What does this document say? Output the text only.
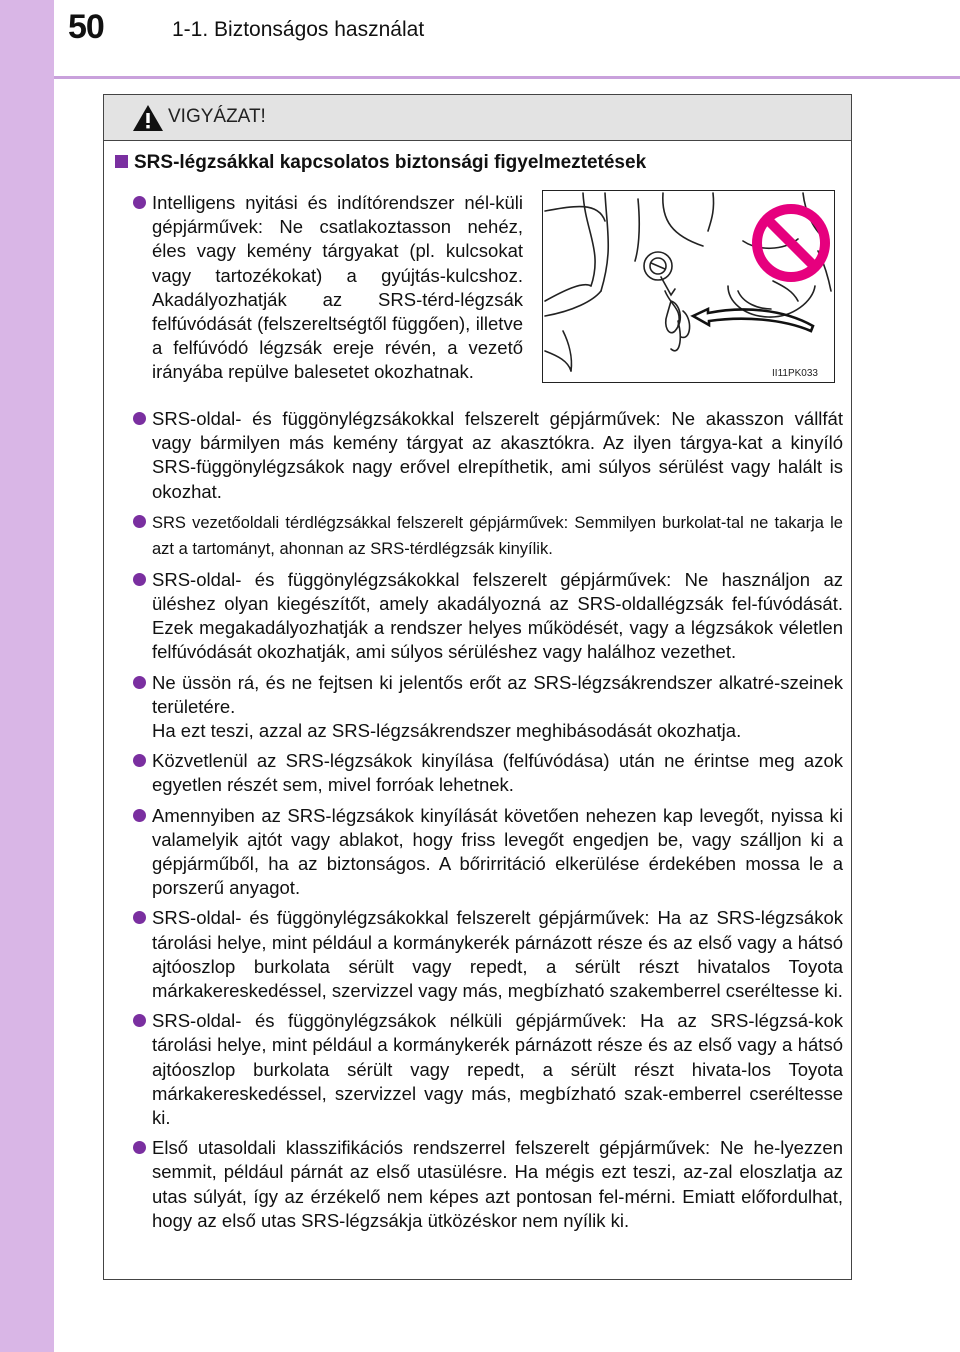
50	1-1. Biztonságos használat
VIGYÁZAT!
SRS-légzsákkal kapcsolatos biztonsági figyelmeztetések
Intelligens nyitási és indítórendszer nél-küli gépjárművek: Ne csatlakoztasson nehéz, éles vagy kemény tárgyakat (pl. kulcsokat vagy tartozékokat) a gyújtás-kulcshoz. Akadályozhatják az SRS-térd-légzsák felfúvódását (felszereltségtől függően), illetve a felfúvódó légzsák ereje révén, a vezető irányába repülve balesetet okozhatnak.	II11PK033
SRS-oldal- és függönylégzsákokkal felszerelt gépjárművek: Ne akasszon vállfát vagy bármilyen más kemény tárgyat az akasztókra. Az ilyen tárgya-kat a kinyíló SRS-függönylégzsákok nagy erővel elrepíthetik, ami súlyos sérülést vagy halált is okozhat.
SRS vezetőoldali térdlégzsákkal felszerelt gépjárművek: Semmilyen burkolat-tal ne takarja le azt a tartományt, ahonnan az SRS-térdlégzsák kinyílik.
SRS-oldal- és függönylégzsákokkal felszerelt gépjárművek: Ne használjon az üléshez olyan kiegészítőt, amely akadályozná az SRS-oldallégzsák fel-fúvódását. Ezek megakadályozhatják a rendszer helyes működését, vagy a légzsákok véletlen felfúvódását okozhatják, ami súlyos sérüléshez vagy halálhoz vezethet.
Ne üssön rá, és ne fejtsen ki jelentős erőt az SRS-légzsákrendszer alkatré-szeinek területére.
Ha ezt teszi, azzal az SRS-légzsákrendszer meghibásodását okozhatja.
Közvetlenül az SRS-légzsákok kinyílása (felfúvódása) után ne érintse meg azok egyetlen részét sem, mivel forróak lehetnek.
Amennyiben az SRS-légzsákok kinyílását követően nehezen kap levegőt, nyissa ki valamelyik ajtót vagy ablakot, hogy friss levegőt engedjen be, vagy szálljon ki a gépjárműből, ha az biztonságos. A bőrirritáció elkerülése érdekében mossa le a porszerű anyagot.
SRS-oldal- és függönylégzsákokkal felszerelt gépjárművek: Ha az SRS-légzsákok tárolási helye, mint például a kormánykerék párnázott része és az első vagy a hátsó ajtóoszlop burkolata sérült vagy repedt, a sérült részt hivatalos Toyota márkakereskedéssel, szervizzel vagy más, megbízható szakemberrel cseréltesse ki.
SRS-oldal- és függönylégzsákok nélküli gépjárművek: Ha az SRS-légzsá-kok tárolási helye, mint például a kormánykerék párnázott része és az első vagy a hátsó ajtóoszlop burkolata sérült vagy repedt, a sérült részt hivata-los Toyota márkakereskedéssel, szervizzel vagy más, megbízható szak-emberrel cseréltesse ki.
Első utasoldali klasszifikációs rendszerrel felszerelt gépjárművek: Ne he-lyezzen semmit, például párnát az első utasülésre. Ha mégis ezt teszi, az-zal eloszlatja az utas súlyát, így az érzékelő nem képes azt pontosan fel-mérni. Emiatt előfordulhat, hogy az első utas SRS-légzsákja ütközéskor nem nyílik ki.
